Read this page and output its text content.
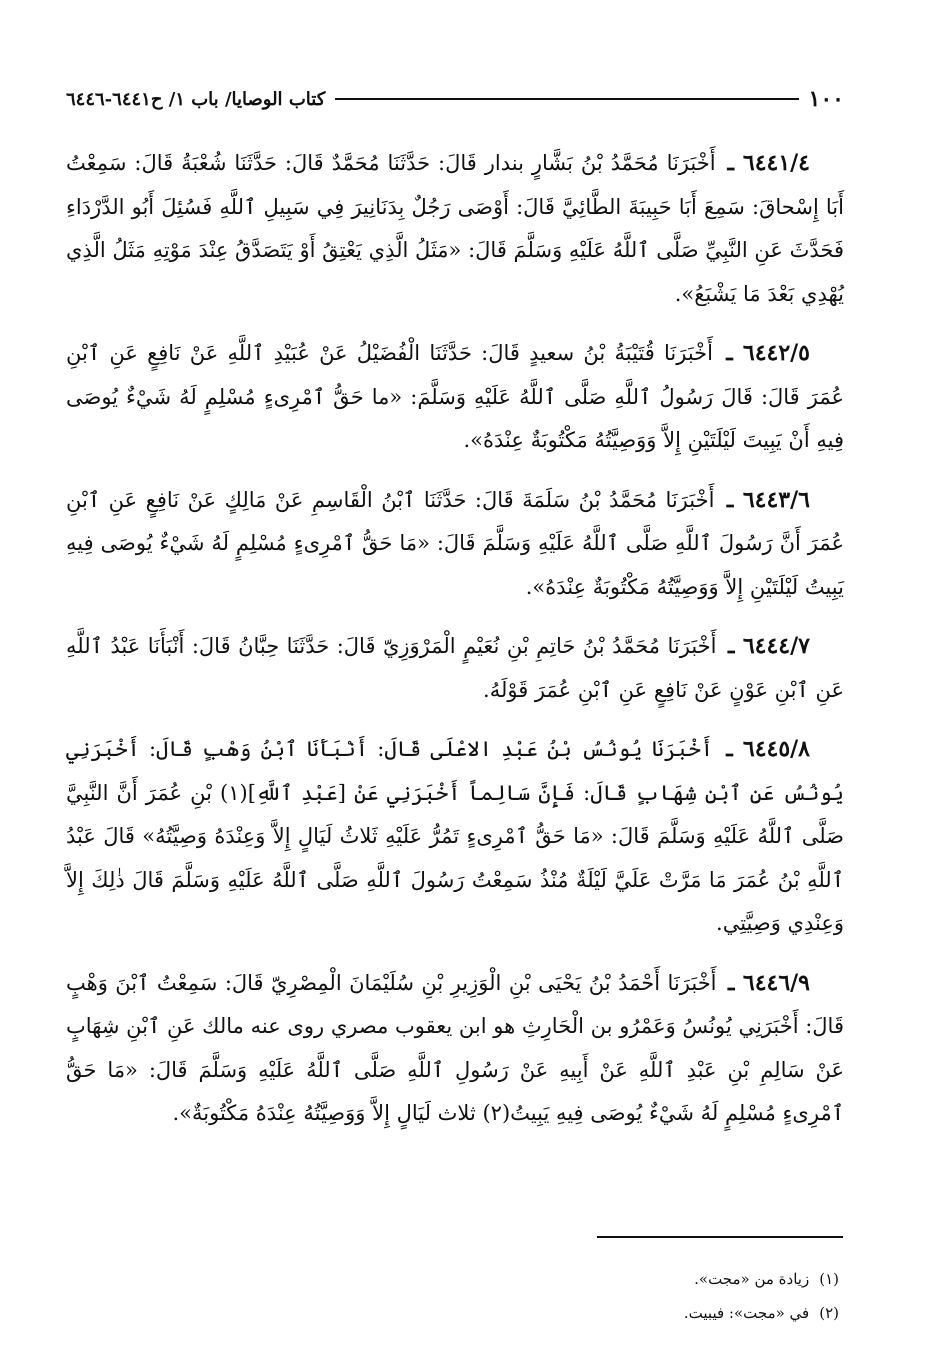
١٠٠
كتاب الوصايا/ باب ١/ ح٦٤٤١-٦٤٤٦

٦٤٤١/٤ ـ أَخْبَرَنَا مُحَمَّدُ بْنُ بَشَّارٍ بندار قَالَ: حَدَّثَنَا مُحَمَّدٌ قَالَ: حَدَّثَنَا شُعْبَةُ قَالَ: سَمِعْتُ أَبَا إِسْحاقَ: سَمِعَ أَبَا حَبِيبَةَ الطَّائِيَّ قَالَ: أَوْصَى رَجُلٌ بِدَنَانِيرَ فِي سَبِيلِ ٱللَّهِ فَسُئِلَ أَبُو الدَّرْدَاءِ فَحَدَّثَ عَنِ النَّبِيِّ صَلَّى ٱللَّهُ عَلَيْهِ وَسَلَّمَ قَالَ: «مَثَلُ الَّذِي يَعْتِقُ أَوْ يَتَصَدَّقُ عِنْدَ مَوْتِهِ مَثَلُ الَّذِي يُهْدِي بَعْدَ مَا يَشْبَعُ».

٦٤٤٢/٥ ـ أَخْبَرَنَا قُتَيْبَةُ بْنُ سعيدٍ قَالَ: حَدَّثَنَا الْفُضَيْلُ عَنْ عُبَيْدِ ٱللَّهِ عَنْ نَافِعٍ عَنِ ٱبْنِ عُمَرَ قَالَ: قَالَ رَسُولُ ٱللَّهِ صَلَّى ٱللَّهُ عَلَيْهِ وَسَلَّمَ: «ما حَقُّ ٱمْرِىءٍ مُسْلِمٍ لَهُ شَيْءٌ يُوصَى فِيهِ أَنْ يَبِيتَ لَيْلَتَيْنِ إِلاَّ وَوَصِيَّتُهُ مَكْتُوبَةٌ عِنْدَهُ».

٦٤٤٣/٦ ـ أَخْبَرَنَا مُحَمَّدُ بْنُ سَلَمَةَ قَالَ: حَدَّثَنَا ٱبْنُ الْقَاسِمِ عَنْ مَالِكٍ عَنْ نَافِعٍ عَنِ ٱبْنِ عُمَرَ أَنَّ رَسُولَ ٱللَّهِ صَلَّى ٱللَّهُ عَلَيْهِ وَسَلَّمَ قَالَ: «مَا حَقُّ ٱمْرِىءٍ مُسْلِمٍ لَهُ شَيْءٌ يُوصَى فِيهِ يَبِيتُ لَيْلَتَيْنِ إِلاَّ وَوَصِيَّتُهُ مَكْتُوبَةٌ عِنْدَهُ».

٦٤٤٤/٧ ـ أَخْبَرَنَا مُحَمَّدُ بْنُ حَاتِمِ بْنِ نُعَيْمٍ الْمَرْوَزِيّ قَالَ: حَدَّثَنَا حِبَّانُ قَالَ: أَنْبَأَنَا عَبْدُ ٱللَّهِ عَنِ ٱبْنِ عَوْنٍ عَنْ نَافِعٍ عَنِ ٱبْنِ عُمَرَ قَوْلَهُ.

٦٤٤٥/٨ ـ أَخْبَرَنَا يُونُسُ بْنُ عَبْدِ الاعْلَى قَالَ: أَنْبَأَنَا ٱبْنُ وَهْبٍ قَالَ: أَخْبَرَنِي يُونُسُ عَنِ ٱبْنِ شِهَابٍ قَالَ: فَإِنَّ سَالِماً أَخْبَرَنِي عَنْ [عَبْدِ ٱللَّهِ](١) بْنِ عُمَرَ أَنَّ النَّبِيَّ صَلَّى ٱللَّهُ عَلَيْهِ وَسَلَّمَ قَالَ: «مَا حَقُّ ٱمْرِىءٍ تَمُرُّ عَلَيْهِ ثَلاثُ لَيَالٍ إِلاَّ وَعِنْدَهُ وَصِيَّتُهُ» قَالَ عَبْدُ ٱللَّهِ بْنُ عُمَرَ مَا مَرَّتْ عَلَيَّ لَيْلَةٌ مُنْذُ سَمِعْتُ رَسُولَ ٱللَّهِ صَلَّى ٱللَّهُ عَلَيْهِ وَسَلَّمَ قَالَ ذٰلِكَ إِلاَّ وَعِنْدِي وَصِيَّتِي.

٦٤٤٦/٩ ـ أَخْبَرَنَا أَحْمَدُ بْنُ يَحْيَى بْنِ الْوَزِيرِ بْنِ سُلَيْمَانَ الْمِصْرِيّ قَالَ: سَمِعْتُ ٱبْنَ وَهْبٍ قَالَ: أَخْبَرَنِي يُونُسُ وَعَمْرُو بن الْحَارِثِ هو ابن يعقوب مصري روى عنه مالك عَنِ ٱبْنِ شِهَابٍ عَنْ سَالِمِ بْنِ عَبْدِ ٱللَّهِ عَنْ أَبِيهِ عَنْ رَسُولِ ٱللَّهِ صَلَّى ٱللَّهُ عَلَيْهِ وَسَلَّمَ قَالَ: «مَا حَقُّ ٱمْرِىءٍ مُسْلِمٍ لَهُ شَيْءٌ يُوصَى فِيهِ يَبِيتُ(٢) ثلاث لَيَالٍ إِلاَّ وَوَصِيَّتُهُ عِنْدَهُ مَكْتُوبَةٌ».

(١)
زيادة من «مجت».
(٢)
في «مجت»: فيبيت.
